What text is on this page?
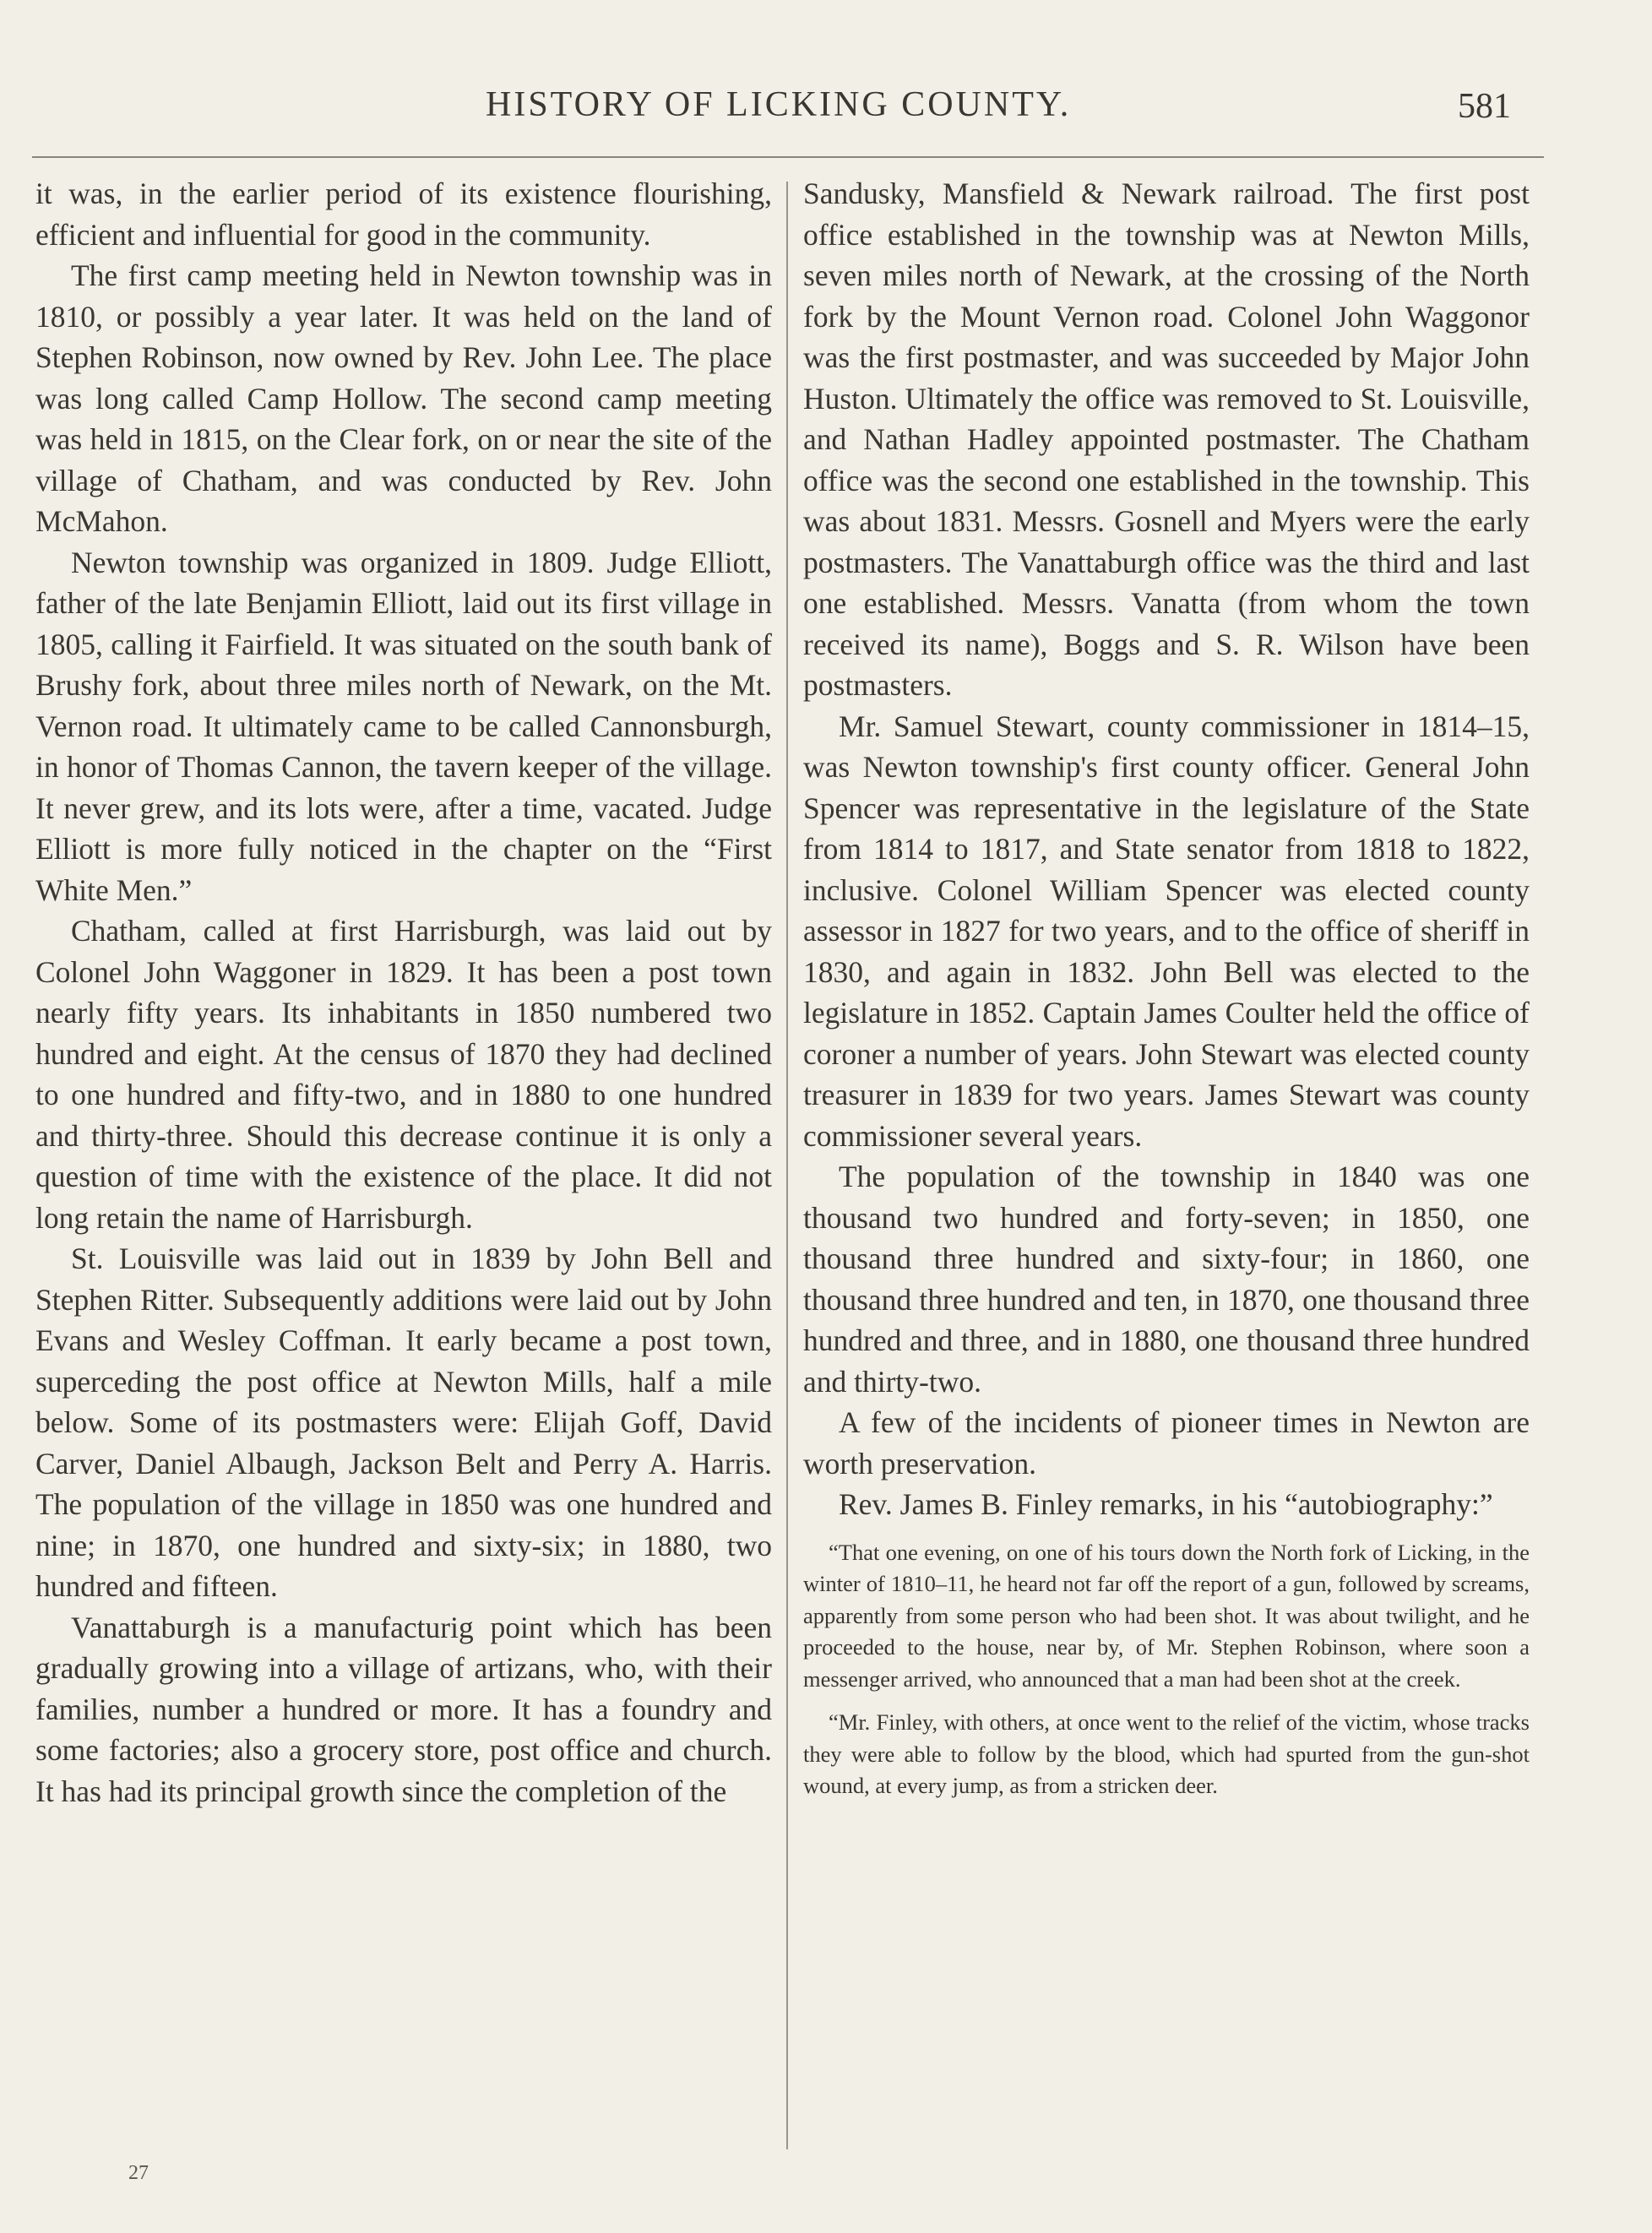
HISTORY OF LICKING COUNTY.	581

it was, in the earlier period of its existence flourishing, efficient and influential for good in the community.

The first camp meeting held in Newton township was in 1810, or possibly a year later. It was held on the land of Stephen Robinson, now owned by Rev. John Lee. The place was long called Camp Hollow. The second camp meeting was held in 1815, on the Clear fork, on or near the site of the village of Chatham, and was conducted by Rev. John McMahon.

Newton township was organized in 1809. Judge Elliott, father of the late Benjamin Elliott, laid out its first village in 1805, calling it Fairfield. It was situated on the south bank of Brushy fork, about three miles north of Newark, on the Mt. Vernon road. It ultimately came to be called Cannonsburgh, in honor of Thomas Cannon, the tavern keeper of the village. It never grew, and its lots were, after a time, vacated. Judge Elliott is more fully noticed in the chapter on the “First White Men.”

Chatham, called at first Harrisburgh, was laid out by Colonel John Waggoner in 1829. It has been a post town nearly fifty years. Its inhabitants in 1850 numbered two hundred and eight. At the census of 1870 they had declined to one hundred and fifty-two, and in 1880 to one hundred and thirty-three. Should this decrease continue it is only a question of time with the existence of the place. It did not long retain the name of Harrisburgh.

St. Louisville was laid out in 1839 by John Bell and Stephen Ritter. Subsequently additions were laid out by John Evans and Wesley Coffman. It early became a post town, superceding the post office at Newton Mills, half a mile below. Some of its postmasters were: Elijah Goff, David Carver, Daniel Albaugh, Jackson Belt and Perry A. Harris. The population of the village in 1850 was one hundred and nine; in 1870, one hundred and sixty-six; in 1880, two hundred and fifteen.

Vanattaburgh is a manufacturig point which has been gradually growing into a village of artizans, who, with their families, number a hundred or more. It has a foundry and some factories; also a grocery store, post office and church. It has had its principal growth since the completion of the

Sandusky, Mansfield & Newark railroad. The first post office established in the township was at Newton Mills, seven miles north of Newark, at the crossing of the North fork by the Mount Vernon road. Colonel John Waggonor was the first postmaster, and was succeeded by Major John Huston. Ultimately the office was removed to St. Louisville, and Nathan Hadley appointed postmaster. The Chatham office was the second one established in the township. This was about 1831. Messrs. Gosnell and Myers were the early postmasters. The Vanattaburgh office was the third and last one established. Messrs. Vanatta (from whom the town received its name), Boggs and S. R. Wilson have been postmasters.

Mr. Samuel Stewart, county commissioner in 1814–15, was Newton township's first county officer. General John Spencer was representative in the legislature of the State from 1814 to 1817, and State senator from 1818 to 1822, inclusive. Colonel William Spencer was elected county assessor in 1827 for two years, and to the office of sheriff in 1830, and again in 1832. John Bell was elected to the legislature in 1852. Captain James Coulter held the office of coroner a number of years. John Stewart was elected county treasurer in 1839 for two years. James Stewart was county commissioner several years.

The population of the township in 1840 was one thousand two hundred and forty-seven; in 1850, one thousand three hundred and sixty-four; in 1860, one thousand three hundred and ten, in 1870, one thousand three hundred and three, and in 1880, one thousand three hundred and thirty-two.

A few of the incidents of pioneer times in Newton are worth preservation.

Rev. James B. Finley remarks, in his “autobiography:”

“That one evening, on one of his tours down the North fork of Licking, in the winter of 1810–11, he heard not far off the report of a gun, followed by screams, apparently from some person who had been shot. It was about twilight, and he proceeded to the house, near by, of Mr. Stephen Robinson, where soon a messenger arrived, who announced that a man had been shot at the creek.

“Mr. Finley, with others, at once went to the relief of the victim, whose tracks they were able to follow by the blood, which had spurted from the gun-shot wound, at every jump, as from a stricken deer.

27
